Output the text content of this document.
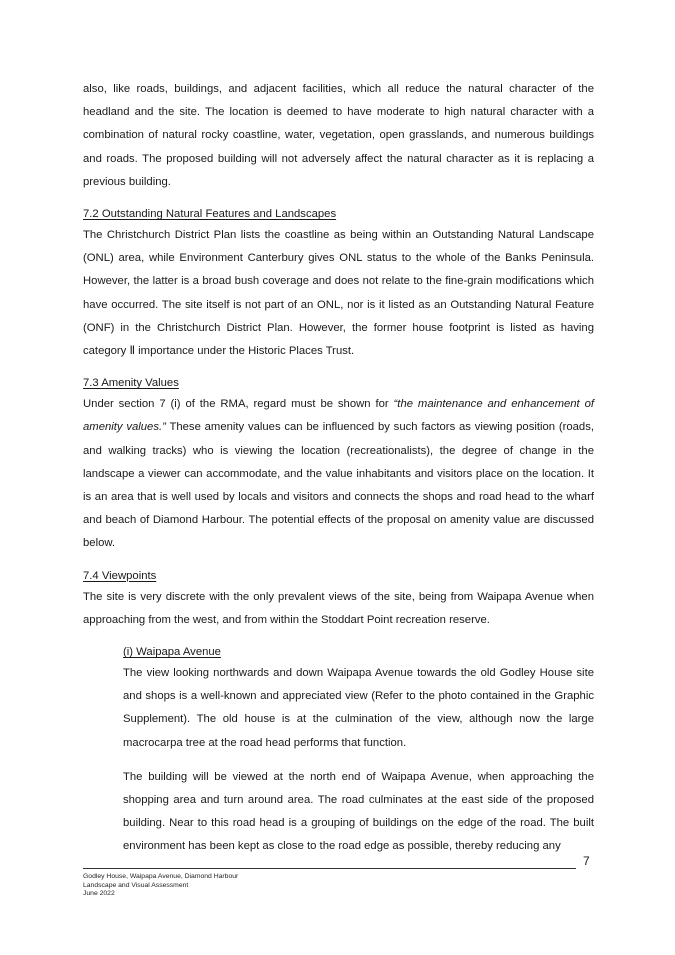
also, like roads, buildings, and adjacent facilities, which all reduce the natural character of the headland and the site. The location is deemed to have moderate to high natural character with a combination of natural rocky coastline, water, vegetation, open grasslands, and numerous buildings and roads. The proposed building will not adversely affect the natural character as it is replacing a previous building.

7.2 Outstanding Natural Features and Landscapes

The Christchurch District Plan lists the coastline as being within an Outstanding Natural Landscape (ONL) area, while Environment Canterbury gives ONL status to the whole of the Banks Peninsula. However, the latter is a broad bush coverage and does not relate to the fine-grain modifications which have occurred. The site itself is not part of an ONL, nor is it listed as an Outstanding Natural Feature (ONF) in the Christchurch District Plan. However, the former house footprint is listed as having category Ⅱ importance under the Historic Places Trust.

7.3 Amenity Values

Under section 7 (i) of the RMA, regard must be shown for “the maintenance and enhancement of amenity values.” These amenity values can be influenced by such factors as viewing position (roads, and walking tracks) who is viewing the location (recreationalists), the degree of change in the landscape a viewer can accommodate, and the value inhabitants and visitors place on the location. It is an area that is well used by locals and visitors and connects the shops and road head to the wharf and beach of Diamond Harbour. The potential effects of the proposal on amenity value are discussed below.

7.4 Viewpoints

The site is very discrete with the only prevalent views of the site, being from Waipapa Avenue when approaching from the west, and from within the Stoddart Point recreation reserve.

(i) Waipapa Avenue

The view looking northwards and down Waipapa Avenue towards the old Godley House site and shops is a well-known and appreciated view (Refer to the photo contained in the Graphic Supplement). The old house is at the culmination of the view, although now the large macrocarpa tree at the road head performs that function.

The building will be viewed at the north end of Waipapa Avenue, when approaching the shopping area and turn around area. The road culminates at the east side of the proposed building. Near to this road head is a grouping of buildings on the edge of the road. The built environment has been kept as close to the road edge as possible, thereby reducing any

7
Godley House, Waipapa Avenue, Diamond Harbour
Landscape and Visual Assessment
June 2022
